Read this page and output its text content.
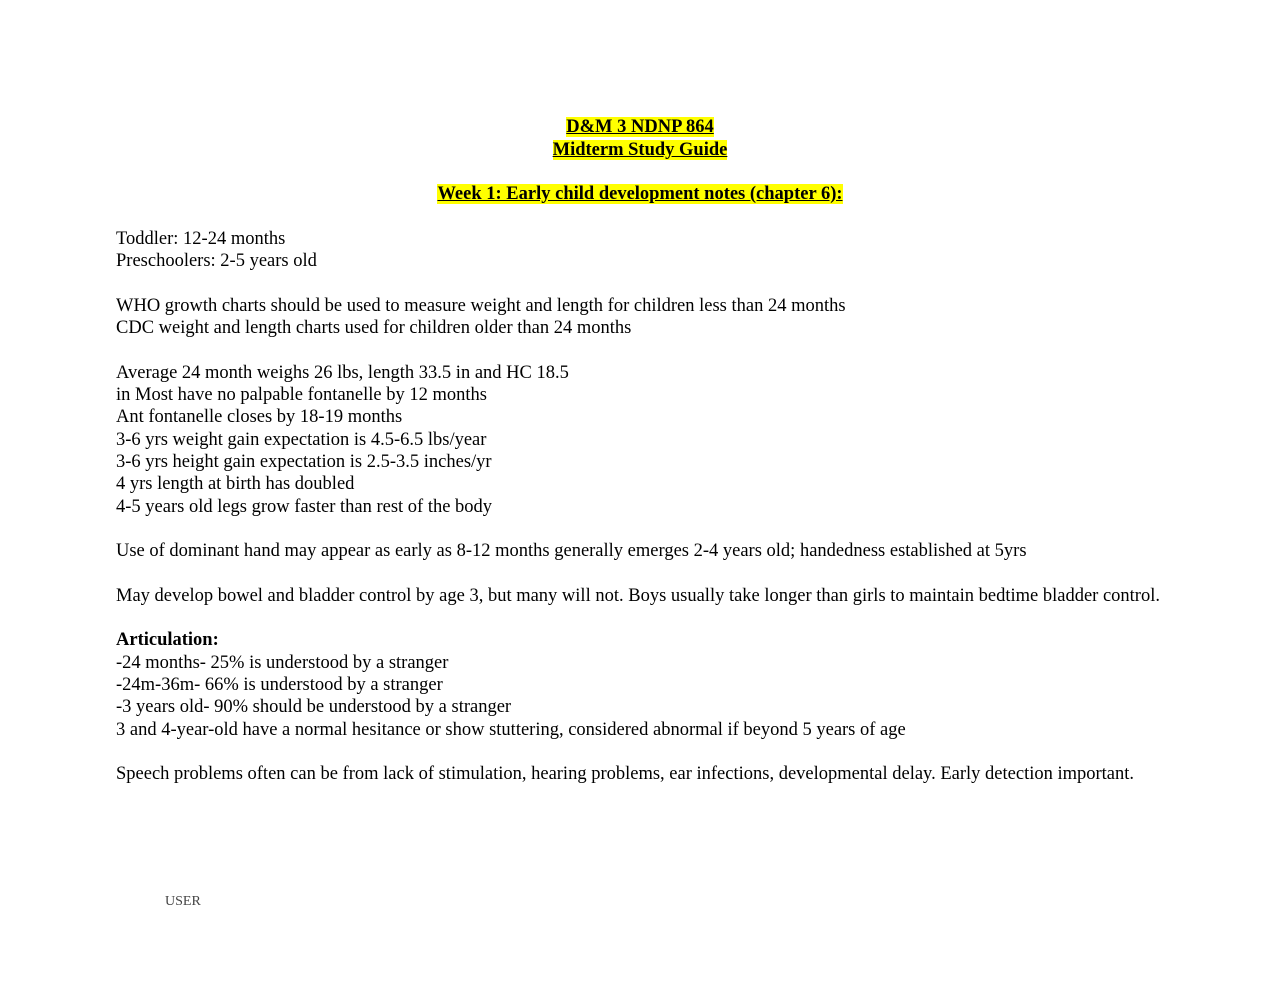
D&M 3 NDNP 864
Midterm Study Guide
Week 1: Early child development notes (chapter 6):

Toddler: 12-24 months

Preschoolers: 2-5 years old

WHO growth charts should be used to measure weight and length for children less than 24 months

CDC weight and length charts used for children older than 24 months

Average 24 month weighs 26 lbs, length 33.5 in and HC 18.5

in Most have no palpable fontanelle by 12 months

Ant fontanelle closes by 18-19 months

3-6 yrs weight gain expectation is 4.5-6.5 lbs/year

3-6 yrs height gain expectation is 2.5-3.5 inches/yr

4 yrs length at birth has doubled

4-5 years old legs grow faster than rest of the body

Use of dominant hand may appear as early as 8-12 months generally emerges 2-4 years old; handedness established at 5yrs

May develop bowel and bladder control by age 3, but many will not. Boys usually take longer than girls to maintain bedtime bladder control.

Articulation:

-24 months- 25% is understood by a stranger

-24m-36m- 66% is understood by a stranger

-3 years old- 90% should be understood by a stranger

3 and 4-year-old have a normal hesitance or show stuttering, considered abnormal if beyond 5 years of age

Speech problems often can be from lack of stimulation, hearing problems, ear infections, developmental delay. Early detection important.

USER
